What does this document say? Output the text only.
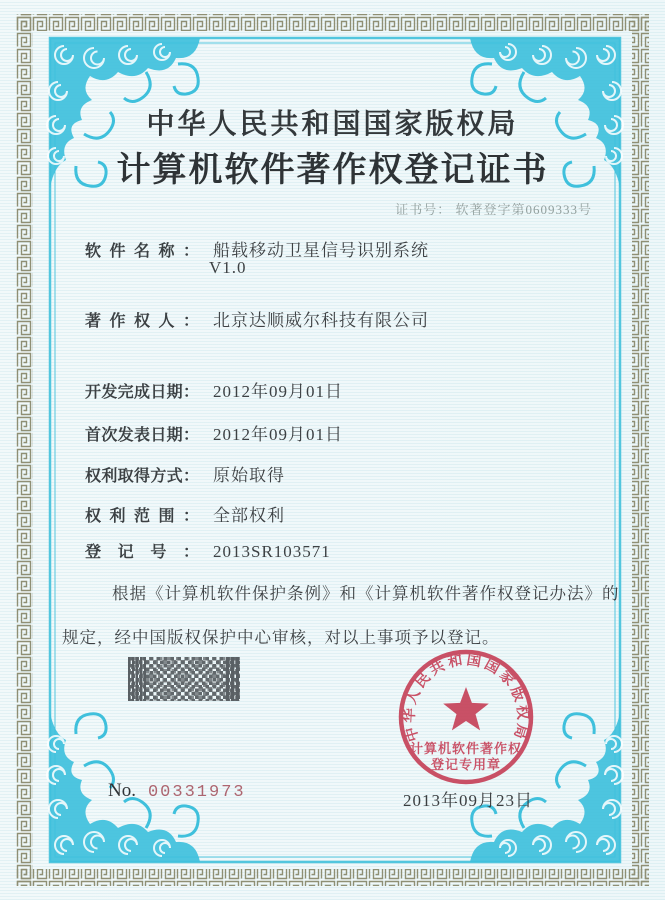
中华人民共和国国家版权局
计算机软件著作权登记证书
证书号： 软著登字第0609333号
软件名称： 船载移动卫星信号识别系统
V1.0
著作权人： 北京达顺威尔科技有限公司
开发完成日期： 2012年09月01日
首次发表日期： 2012年09月01日
权利取得方式： 原始取得
权利范围： 全部权利
登记号： 2013SR103571
根据《计算机软件保护条例》和《计算机软件著作权登记办法》的
规定，经中国版权保护中心审核，对以上事项予以登记。
2013年09月23日
中华人民共和国国家版权局
计算机软件著作权
登记专用章
No. 00331973
